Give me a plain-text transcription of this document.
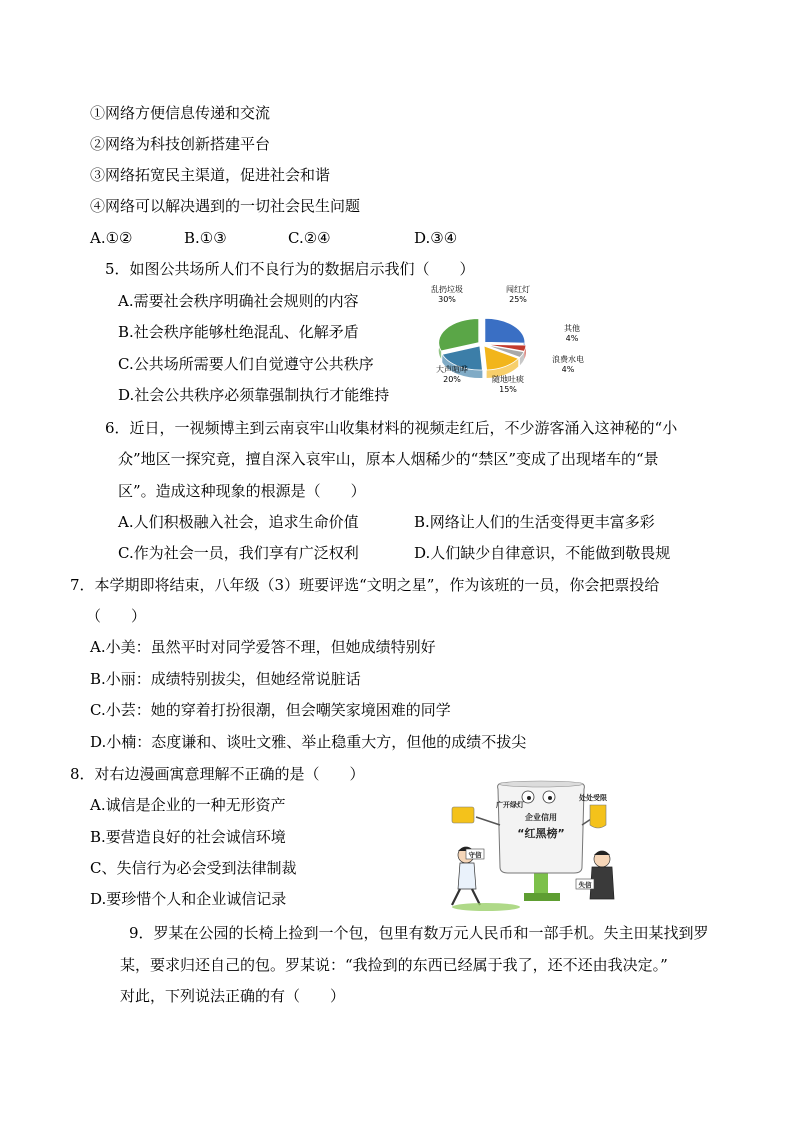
①网络方便信息传递和交流
②网络为科技创新搭建平台
③网络拓宽民主渠道，促进社会和谐
④网络可以解决遇到的一切社会民生问题
A.①②	B.①③	C.②④	D.③④
5．如图公共场所人们不良行为的数据启示我们（　　）
A.需要社会秩序明确社会规则的内容
B.社会秩序能够杜绝混乱、化解矛盾
C.公共场所需要人们自觉遵守公共秩序
D.社会公共秩序必须靠强制执行才能维持
闯红灯
25%
其他
4%
浪费水电
4%
随地吐痰
15%
大声喧哗
20%
乱扔垃圾
30%
6．近日，一视频博主到云南哀牢山收集材料的视频走红后，不少游客涌入这神秘的“小
众”地区一探究竟，擅自深入哀牢山，原本人烟稀少的“禁区”变成了出现堵车的“景
区”。造成这种现象的根源是（　　）
A.人们积极融入社会，追求生命价值	B.网络让人们的生活变得更丰富多彩
C.作为社会一员，我们享有广泛权利	D.人们缺少自律意识，不能做到敬畏规
7．本学期即将结束，八年级（3）班要评选“文明之星”，作为该班的一员，你会把票投给
（　　）
A.小美：虽然平时对同学爱答不理，但她成绩特别好
B.小丽：成绩特别拔尖，但她经常说脏话
C.小芸：她的穿着打扮很潮，但会嘲笑家境困难的同学
D.小楠：态度谦和、谈吐文雅、举止稳重大方，但他的成绩不拔尖
8．对右边漫画寓意理解不正确的是（　　）
A.诚信是企业的一种无形资产
B.要营造良好的社会诚信环境
C、失信行为必会受到法律制裁
D.要珍惜个人和企业诚信记录
企业信用
“红黑榜”
广开绿灯
处处受限
守信
失信
9．罗某在公园的长椅上捡到一个包，包里有数万元人民币和一部手机。失主田某找到罗
某，要求归还自己的包。罗某说：“我捡到的东西已经属于我了，还不还由我决定。”
对此，下列说法正确的有（　　）
